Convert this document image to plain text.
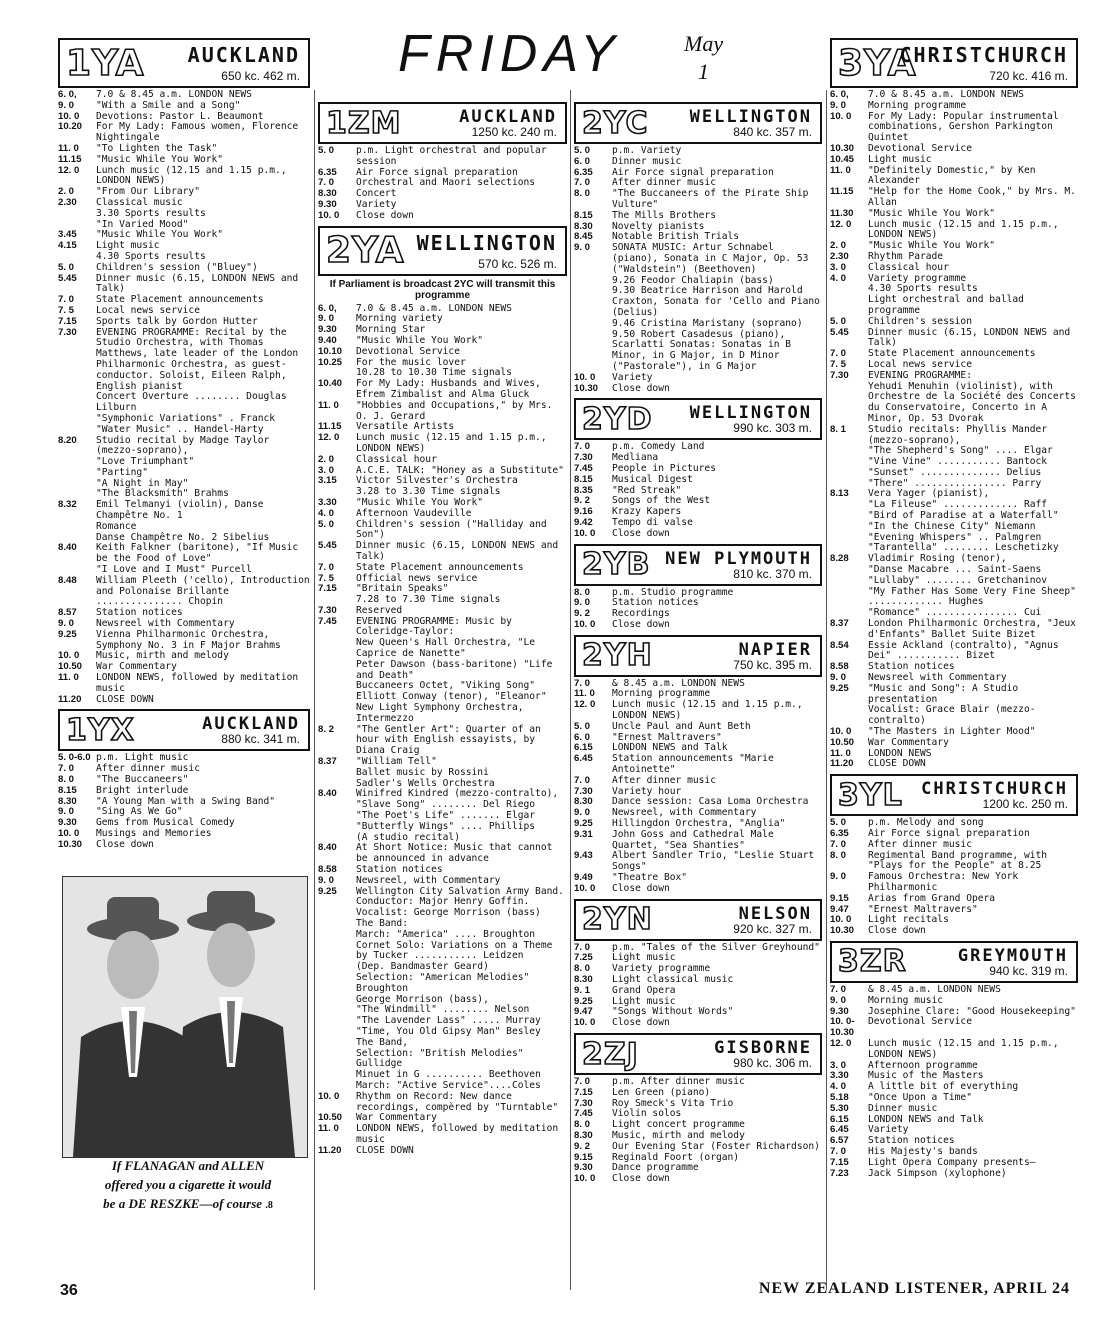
FRIDAY	May
1
1YA AUCKLAND
650 kc. 462 m.
6. 0,	7.0 & 8.45 a.m. LONDON NEWS
9. 0	"With a Smile and a Song"
10. 0	Devotions: Pastor L. Beaumont
10.20	For My Lady: Famous women, Florence Nightingale
11. 0	"To Lighten the Task"
11.15	"Music While You Work"
12. 0	Lunch music (12.15 and 1.15 p.m., LONDON NEWS)
2. 0	"From Our Library"
2.30	Classical music
3.30 Sports results
"In Varied Mood"
3.45	"Music While You Work"
4.15	Light music
4.30 Sports results
5. 0	Children's session ("Bluey")
5.45	Dinner music (6.15, LONDON NEWS and Talk)
7. 0	State Placement announcements
7. 5	Local news service
7.15	Sports talk by Gordon Hutter
7.30	EVENING PROGRAMME: Recital by the Studio Orchestra, with Thomas Matthews, late leader of the London Philharmonic Orchestra, as guest-conductor. Soloist, Eileen Ralph, English pianist
Concert Overture ........ Douglas Lilburn
"Symphonic Variations" . Franck
"Water Music" .. Handel-Harty
8.20	Studio recital by Madge Taylor (mezzo-soprano),
"Love Triumphant"
"Parting"
"A Night in May"
"The Blacksmith" Brahms
8.32	Emil Telmanyi (violin), Danse Champêtre No. 1
Romance
Danse Champêtre No. 2 Sibelius
8.40	Keith Falkner (baritone), "If Music be the Food of Love"
"I Love and I Must" Purcell
8.48	William Pleeth ('cello), Introduction and Polonaise Brillante ............... Chopin
8.57	Station notices
9. 0	Newsreel with Commentary
9.25	Vienna Philharmonic Orchestra, Symphony No. 3 in F Major Brahms
10. 0	Music, mirth and melody
10.50	War Commentary
11. 0	LONDON NEWS, followed by meditation music
11.20	CLOSE DOWN
1YX	AUCKLAND
880 kc. 341 m.
5. 0-6.0 p.m. Light music
7. 0	After dinner music
8. 0	"The Buccaneers"
8.15	Bright interlude
8.30	"A Young Man with a Swing Band"
9. 0	"Sing As We Go"
9.30	Gems from Musical Comedy
10. 0	Musings and Memories
10.30	Close down
1ZM	AUCKLAND
1250 kc. 240 m.
5. 0	p.m. Light orchestral and popular session
6.35	Air Force signal preparation
7. 0	Orchestral and Maori selections
8.30	Concert
9.30	Variety
10. 0	Close down
2YA WELLINGTON
570 kc. 526 m.
If Parliament is broadcast 2YC will transmit this programme
6. 0,	7.0 & 8.45 a.m. LONDON NEWS
9. 0	Morning variety
9.30	Morning Star
9.40	"Music While You Work"
10.10	Devotional Service
10.25	For the music lover
10.28 to 10.30 Time signals
10.40	For My Lady: Husbands and Wives, Efrem Zimbalist and Alma Gluck
11. 0	"Hobbies and Occupations," by Mrs. O. J. Gerard
11.15	Versatile Artists
12. 0	Lunch music (12.15 and 1.15 p.m., LONDON NEWS)
2. 0	Classical hour
3. 0	A.C.E. TALK: "Honey as a Substitute"
3.15	Victor Silvester's Orchestra
3.28 to 3.30 Time signals
3.30	"Music While You Work"
4. 0	Afternoon Vaudeville
5. 0	Children's session ("Halliday and Son")
5.45	Dinner music (6.15, LONDON NEWS and Talk)
7. 0	State Placement announcements
7. 5	Official news service
7.15	"Britain Speaks"
7.28 to 7.30 Time signals
7.30	Reserved
7.45	EVENING PROGRAMME: Music by Coleridge-Taylor:
New Queen's Hall Orchestra, "Le Caprice de Nanette"
Peter Dawson (bass-baritone) "Life and Death"
Buccaneers Octet, "Viking Song"
Elliott Conway (tenor), "Eleanor"
New Light Symphony Orchestra, Intermezzo
8. 2	"The Gentler Art": Quarter of an hour with English essayists, by Diana Craig
8.37	"William Tell"
Ballet music by Rossini
Sadler's Wells Orchestra
8.40	Winifred Kindred (mezzo-contralto),
"Slave Song" ........ Del Riego
"The Poet's Life" ....... Elgar
"Butterfly Wings" .... Phillips
(A studio recital)
8.40	At Short Notice: Music that cannot be announced in advance
8.58	Station notices
9. 0	Newsreel, with Commentary
9.25	Wellington City Salvation Army Band. Conductor: Major Henry Goffin. Vocalist: George Morrison (bass)
The Band:
March: "America" .... Broughton
Cornet Solo: Variations on a Theme by Tucker ........... Leidzen
(Dep. Bandmaster Geard)
Selection: "American Melodies" Broughton
George Morrison (bass),
"The Windmill" ........ Nelson
"The Lavender Lass" ..... Murray
"Time, You Old Gipsy Man" Besley
The Band,
Selection: "British Melodies" Gullidge
Minuet in G .......... Beethoven
March: "Active Service"....Coles
10. 0	Rhythm on Record: New dance recordings, compèred by "Turntable"
10.50	War Commentary
11. 0	LONDON NEWS, followed by meditation music
11.20	CLOSE DOWN
2YC WELLINGTON
840 kc. 357 m.
5. 0	p.m. Variety
6. 0	Dinner music
6.35	Air Force signal preparation
7. 0	After dinner music
8. 0	"The Buccaneers of the Pirate Ship Vulture"
8.15	The Mills Brothers
8.30	Novelty pianists
8.45	Notable British Trials
9. 0	SONATA MUSIC: Artur Schnabel (piano), Sonata in C Major, Op. 53 ("Waldstein") (Beethoven)
9.26 Feodor Chaliapin (bass)
9.30 Beatrice Harrison and Harold Craxton, Sonata for 'Cello and Piano (Delius)
9.46 Cristina Maristany (soprano)
9.50 Robert Casadesus (piano), Scarlatti Sonatas: Sonatas in B Minor, in G Major, in D Minor ("Pastorale"), in G Major
10. 0	Variety
10.30	Close down
2YD WELLINGTON
990 kc. 303 m.
7. 0	p.m. Comedy Land
7.30	Medliana
7.45	People in Pictures
8.15	Musical Digest
8.35	"Red Streak"
9. 2	Songs of the West
9.16	Krazy Kapers
9.42	Tempo di valse
10. 0	Close down
2YB NEW PLYMOUTH
810 kc. 370 m.
8. 0	p.m. Studio programme
9. 0	Station notices
9. 2	Recordings
10. 0	Close down
2YH	NAPIER
750 kc. 395 m.
7. 0	& 8.45 a.m. LONDON NEWS
11. 0	Morning programme
12. 0	Lunch music (12.15 and 1.15 p.m., LONDON NEWS)
5. 0	Uncle Paul and Aunt Beth
6. 0	"Ernest Maltravers"
6.15	LONDON NEWS and Talk
6.45	Station announcements "Marie Antoinette"
7. 0	After dinner music
7.30	Variety hour
8.30	Dance session: Casa Loma Orchestra
9. 0	Newsreel, with Commentary
9.25	Hillingdon Orchestra, "Anglia"
9.31	John Goss and Cathedral Male Quartet, "Sea Shanties"
9.43	Albert Sandler Trio, "Leslie Stuart Songs"
9.49	"Theatre Box"
10. 0	Close down
2YN	NELSON
920 kc. 327 m.
7. 0	p.m. "Tales of the Silver Greyhound"
7.25	Light music
8. 0	Variety programme
8.30	Light classical music
9. 1	Grand Opera
9.25	Light music
9.47	"Songs Without Words"
10. 0	Close down
2ZJ	GISBORNE
980 kc. 306 m.
7. 0	p.m. After dinner music
7.15	Len Green (piano)
7.30	Roy Smeck's Vita Trio
7.45	Violin solos
8. 0	Light concert programme
8.30	Music, mirth and melody
9. 2	Our Evening Star (Foster Richardson)
9.15	Reginald Foort (organ)
9.30	Dance programme
10. 0	Close down
3YA
CHRISTCHURCH
720 kc. 416 m.
6. 0,	7.0 & 8.45 a.m. LONDON NEWS
9. 0	Morning programme
10. 0	For My Lady: Popular instrumental combinations, Gershon Parkington Quintet
10.30	Devotional Service
10.45	Light music
11. 0	"Definitely Domestic," by Ken Alexander
11.15	"Help for the Home Cook," by Mrs. M. Allan
11.30	"Music While You Work"
12. 0	Lunch music (12.15 and 1.15 p.m., LONDON NEWS)
2. 0	"Music While You Work"
2.30	Rhythm Parade
3. 0	Classical hour
4. 0	Variety programme
4.30 Sports results
Light orchestral and ballad programme
5. 0	Children's session
5.45	Dinner music (6.15, LONDON NEWS and Talk)
7. 0	State Placement announcements
7. 5	Local news service
7.30	EVENING PROGRAMME:
Yehudi Menuhin (violinist), with Orchestre de la Société des Concerts du Conservatoire, Concerto in A Minor, Op. 53 Dvorak
8. 1	Studio recitals: Phyllis Mander (mezzo-soprano),
"The Shepherd's Song" .... Elgar
"Vine Vine" ........... Bantock
"Sunset" .............. Delius
"There" ................ Parry
8.13	Vera Yager (pianist),
"La Fileuse" ............. Raff
"Bird of Paradise at a Waterfall"
"In the Chinese City" Niemann
"Evening Whispers" .. Palmgren
"Tarantella" ........ Leschetizky
8.28	Vladimir Rosing (tenor),
"Danse Macabre ... Saint-Saens
"Lullaby" ........ Gretchaninov
"My Father Has Some Very Fine Sheep" ............. Hughes
"Romance" ................ Cui
8.37	London Philharmonic Orchestra, "Jeux d'Enfants" Ballet Suite Bizet
8.54	Essie Ackland (contralto), "Agnus Dei" ........... Bizet
8.58	Station notices
9. 0	Newsreel with Commentary
9.25	"Music and Song": A Studio presentation
Vocalist: Grace Blair (mezzo-contralto)
10. 0	"The Masters in Lighter Mood"
10.50	War Commentary
11. 0	LONDON NEWS
11.20	CLOSE DOWN
3YL CHRISTCHURCH
1200 kc. 250 m.
5. 0	p.m. Melody and song
6.35	Air Force signal preparation
7. 0	After dinner music
8. 0	Regimental Band programme, with "Plays for the People" at 8.25
9. 0	Famous Orchestra: New York Philharmonic
9.15	Arias from Grand Opera
9.47	"Ernest Maltravers"
10. 0	Light recitals
10.30	Close down
3ZR	GREYMOUTH
940 kc. 319 m.
7. 0	& 8.45 a.m. LONDON NEWS
9. 0	Morning music
9.30	Josephine Clare: "Good Housekeeping"
10. 0-10.30
Devotional Service
12. 0	Lunch music (12.15 and 1.15 p.m., LONDON NEWS)
3. 0	Afternoon programme
3.30	Music of the Masters
4. 0	A little bit of everything
5.18	"Once Upon a Time"
5.30	Dinner music
6.15	LONDON NEWS and Talk
6.45	Variety
6.57	Station notices
7. 0	His Majesty's bands
7.15	Light Opera Company presents—
7.23	Jack Simpson (xylophone)
If FLANAGAN and ALLEN
offered you a cigarette it would
be a DE RESZKE—of course .8
36	NEW ZEALAND LISTENER, APRIL 24
